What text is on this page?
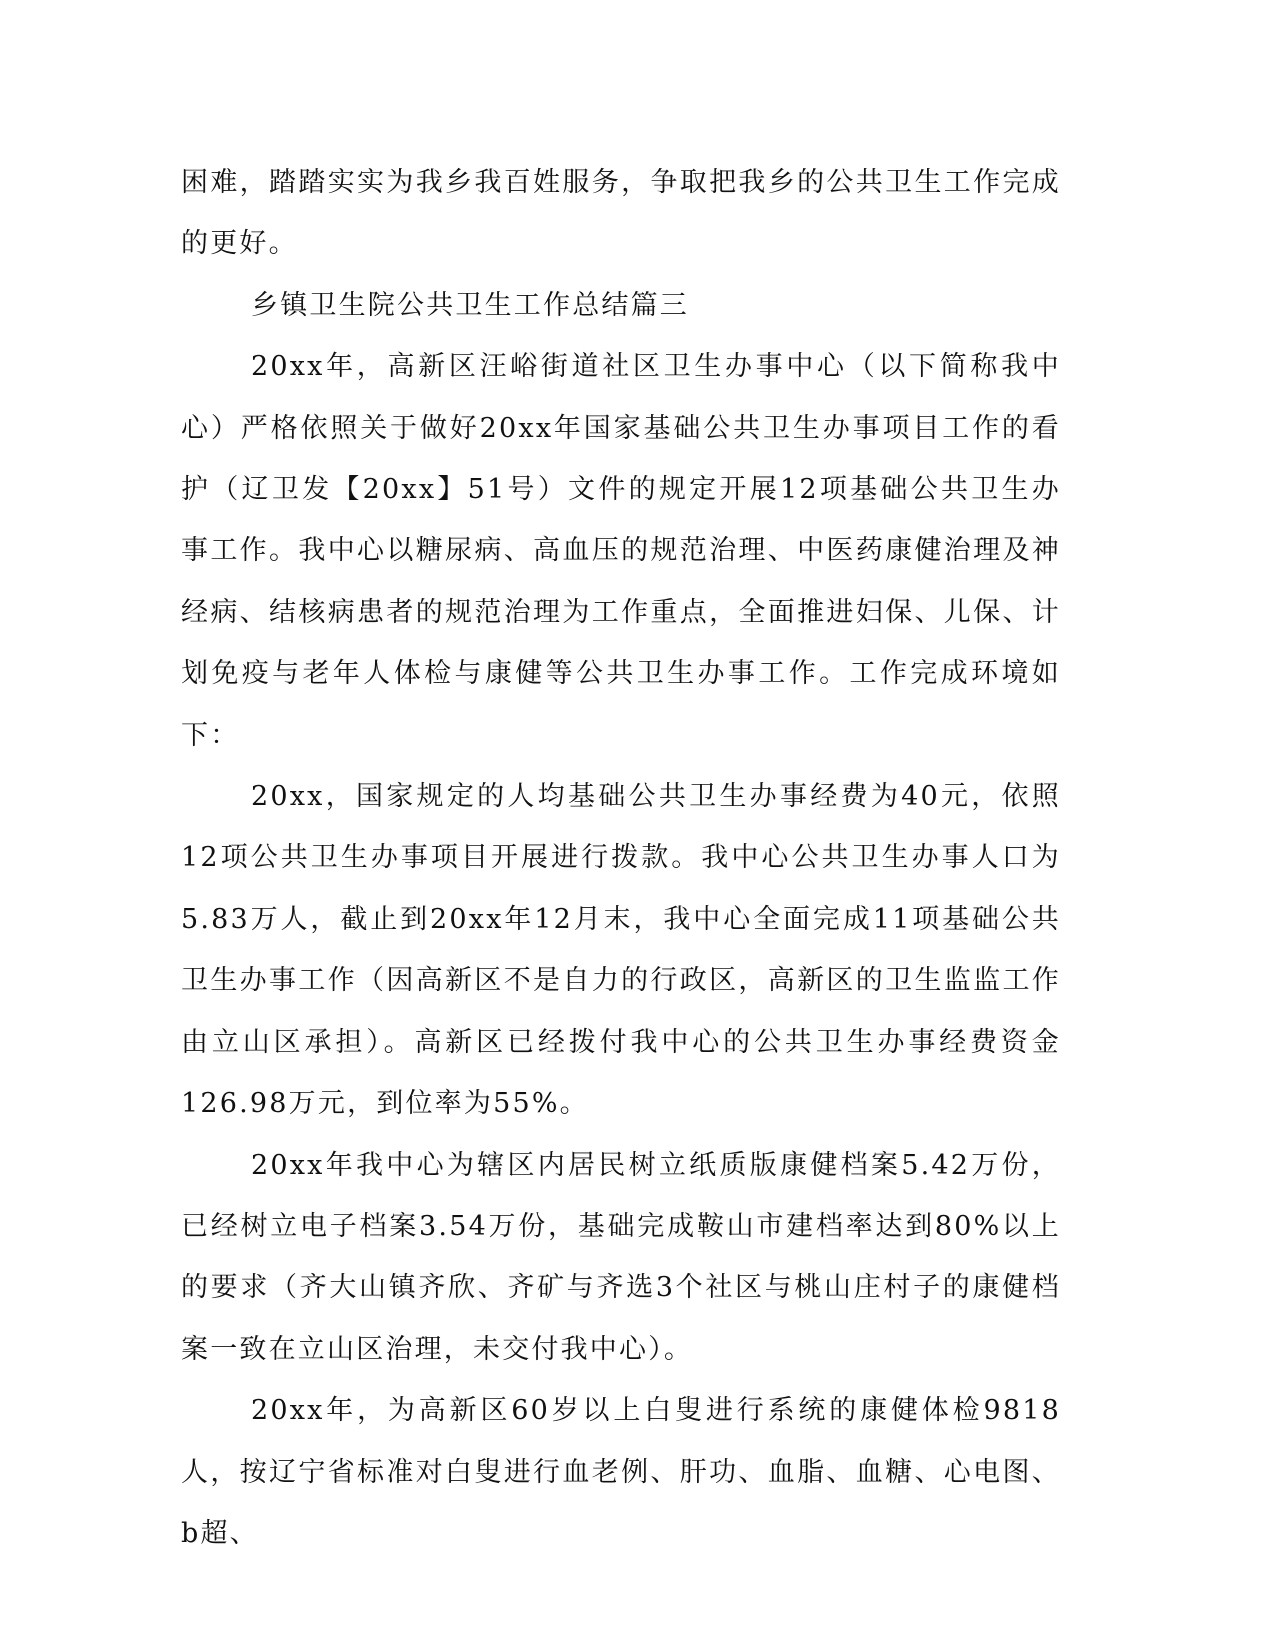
困难，踏踏实实为我乡我百姓服务，争取把我乡的公共卫生工作完成的更好。

乡镇卫生院公共卫生工作总结篇三

20xx年，高新区汪峪街道社区卫生办事中心（以下简称我中心）严格依照关于做好20xx年国家基础公共卫生办事项目工作的看护（辽卫发【20xx】51号）文件的规定开展12项基础公共卫生办事工作。我中心以糖尿病、高血压的规范治理、中医药康健治理及神经病、结核病患者的规范治理为工作重点，全面推进妇保、儿保、计划免疫与老年人体检与康健等公共卫生办事工作。工作完成环境如下：

20xx，国家规定的人均基础公共卫生办事经费为40元，依照12项公共卫生办事项目开展进行拨款。我中心公共卫生办事人口为5.83万人，截止到20xx年12月末，我中心全面完成11项基础公共卫生办事工作（因高新区不是自力的行政区，高新区的卫生监监工作由立山区承担）。高新区已经拨付我中心的公共卫生办事经费资金126.98万元，到位率为55%。

20xx年我中心为辖区内居民树立纸质版康健档案5.42万份，已经树立电子档案3.54万份，基础完成鞍山市建档率达到80%以上的要求（齐大山镇齐欣、齐矿与齐选3个社区与桃山庄村子的康健档案一致在立山区治理，未交付我中心）。

20xx年，为高新区60岁以上白叟进行系统的康健体检9818人，按辽宁省标准对白叟进行血老例、肝功、血脂、血糖、心电图、b超、
